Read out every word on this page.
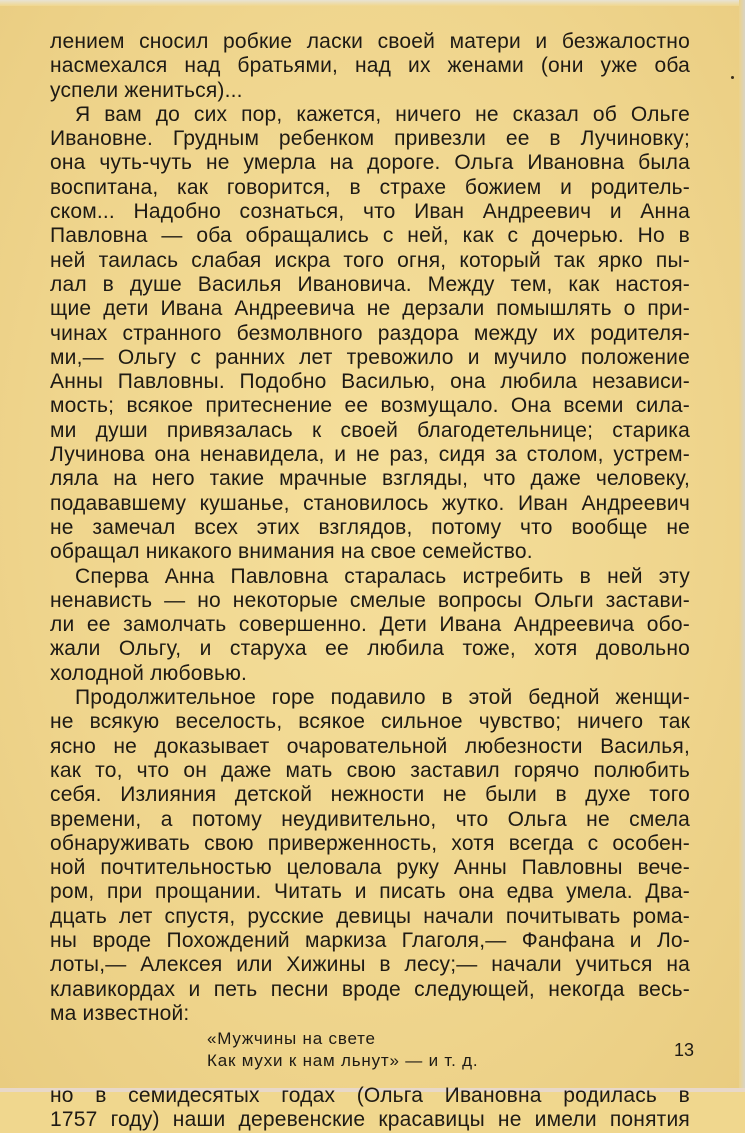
лением сносил робкие ласки своей матери и безжалостно
насмехался над братьями, над их женами (они уже оба
успели жениться)...
Я вам до сих пор, кажется, ничего не сказал об Ольге
Ивановне. Грудным ребенком привезли ее в Лучиновку;
она чуть-чуть не умерла на дороге. Ольга Ивановна была
воспитана, как говорится, в страхе божием и родитель-
ском... Надобно сознаться, что Иван Андреевич и Анна
Павловна — оба обращались с ней, как с дочерью. Но в
ней таилась слабая искра того огня, который так ярко пы-
лал в душе Василья Ивановича. Между тем, как настоя-
щие дети Ивана Андреевича не дерзали помышлять о при-
чинах странного безмолвного раздора между их родителя-
ми,— Ольгу с ранних лет тревожило и мучило положение
Анны Павловны. Подобно Василью, она любила независи-
мость; всякое притеснение ее возмущало. Она всеми сила-
ми души привязалась к своей благодетельнице; старика
Лучинова она ненавидела, и не раз, сидя за столом, устрем-
ляла на него такие мрачные взгляды, что даже человеку,
подававшему кушанье, становилось жутко. Иван Андреевич
не замечал всех этих взглядов, потому что вообще не
обращал никакого внимания на свое семейство.
Сперва Анна Павловна старалась истребить в ней эту
ненависть — но некоторые смелые вопросы Ольги застави-
ли ее замолчать совершенно. Дети Ивана Андреевича обо-
жали Ольгу, и старуха ее любила тоже, хотя довольно
холодной любовью.
Продолжительное горе подавило в этой бедной женщи-
не всякую веселость, всякое сильное чувство; ничего так
ясно не доказывает очаровательной любезности Василья,
как то, что он даже мать свою заставил горячо полюбить
себя. Излияния детской нежности не были в духе того
времени, а потому неудивительно, что Ольга не смела
обнаруживать свою приверженность, хотя всегда с особен-
ной почтительностью целовала руку Анны Павловны вече-
ром, при прощании. Читать и писать она едва умела. Два-
дцать лет спустя, русские девицы начали почитывать рома-
ны вроде Похождений маркиза Глаголя,— Фанфана и Ло-
лоты,— Алексея или Хижины в лесу;— начали учиться на
клавикордах и петь песни вроде следующей, некогда весь-
ма известной:
«Мужчины на свете
Как мухи к нам льнут» — и т. д.
но в семидесятых годах (Ольга Ивановна родилась в
1757 году) наши деревенские красавицы не имели понятия
13
